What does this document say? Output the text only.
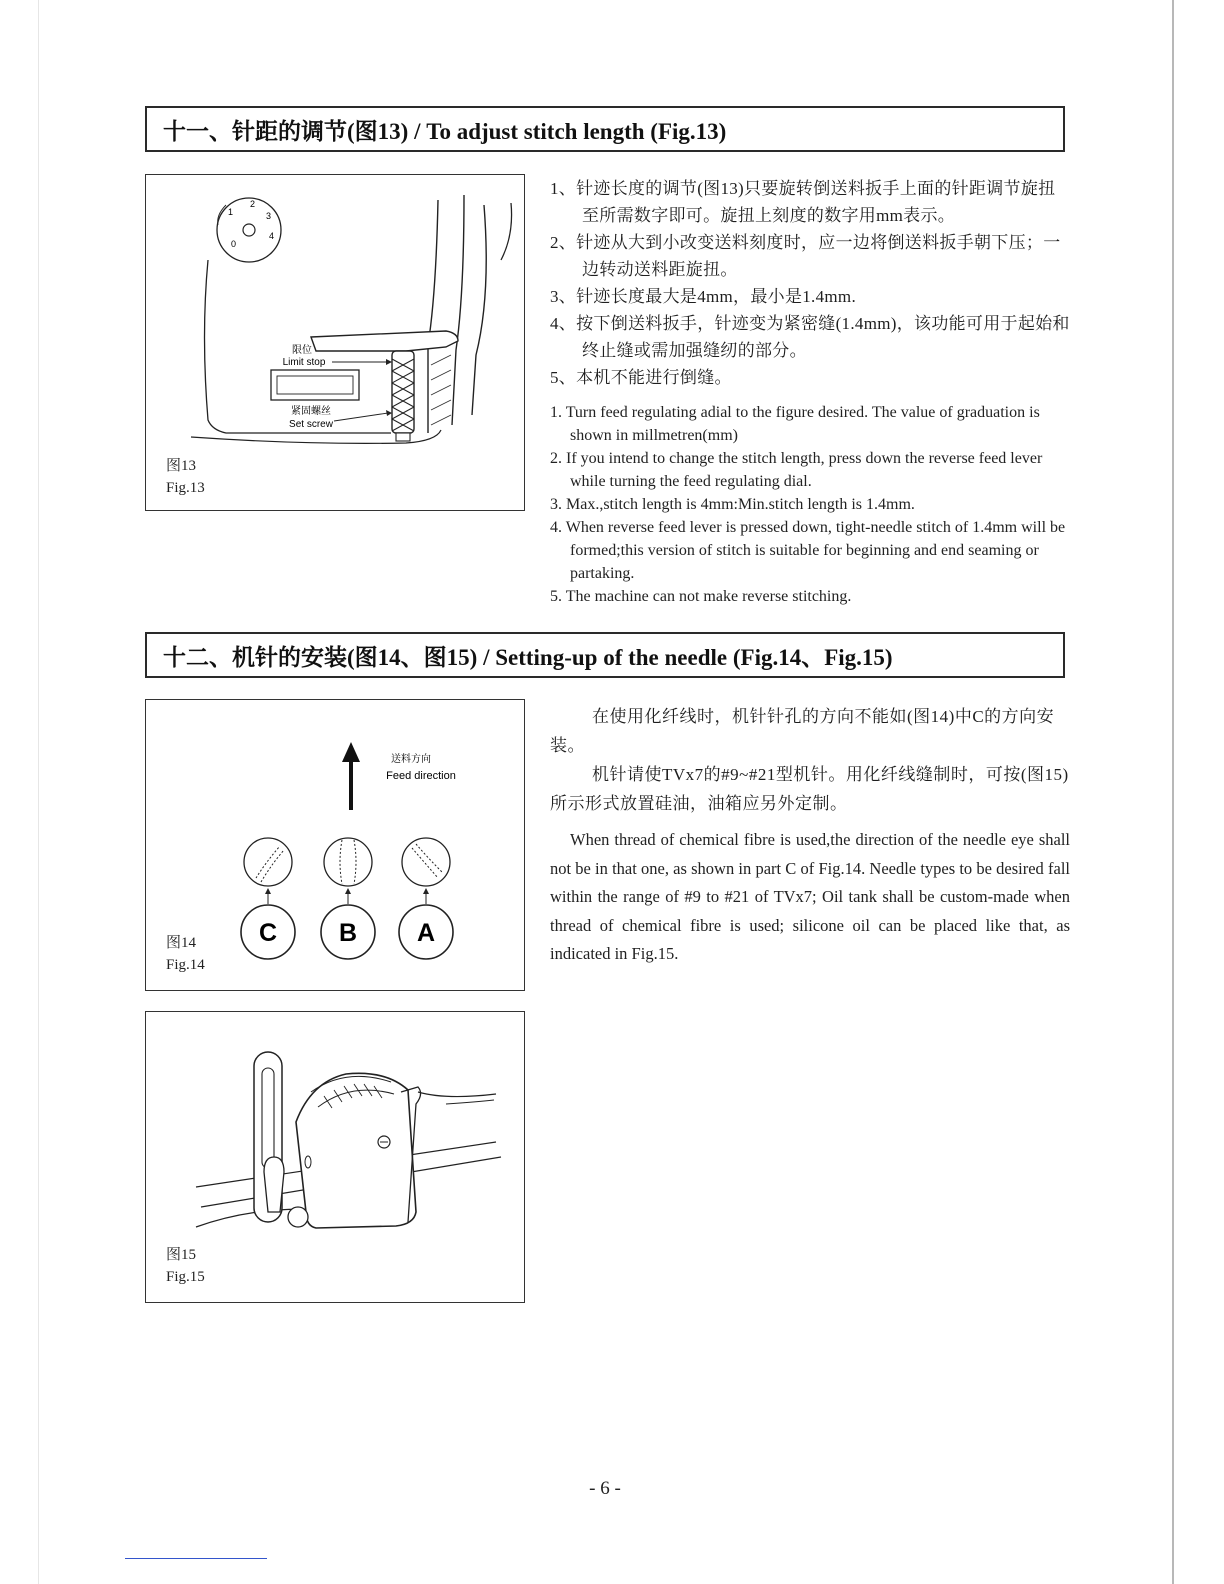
十一、针距的调节(图13) / To adjust stitch length (Fig.13)
0
1
2
3
4
限位
Limit stop
紧固螺丝
Set screw
图13
Fig.13
1、针迹长度的调节(图13)只要旋转倒送料扳手上面的针距调节旋扭至所需数字即可。旋扭上刻度的数字用mm表示。
2、针迹从大到小改变送料刻度时，应一边将倒送料扳手朝下压；一边转动送料距旋扭。
3、针迹长度最大是4mm，最小是1.4mm.
4、按下倒送料扳手，针迹变为紧密缝(1.4mm)，该功能可用于起始和终止缝或需加强缝纫的部分。
5、本机不能进行倒缝。
1. Turn feed regulating adial to the figure desired. The value of graduation is shown in millmetren(mm)
2. If you intend to change the stitch length, press down the reverse feed lever while turning the feed regulating dial.
3. Max.,stitch length is 4mm:Min.stitch length is 1.4mm.
4. When reverse feed lever is pressed down, tight-needle stitch of 1.4mm will be formed;this version of stitch is suitable for beginning and end seaming or partaking.
5. The machine can not make reverse stitching.
十二、机针的安装(图14、图15) / Setting-up of the needle (Fig.14、Fig.15)
送料方向
Feed direction
C B A
图14
Fig.14
图15
Fig.15

在使用化纤线时，机针针孔的方向不能如(图14)中C的方向安装。

机针请使TVx7的#9~#21型机针。用化纤线缝制时，可按(图15)所示形式放置硅油，油箱应另外定制。

When thread of chemical fibre is used,the direction of the needle eye shall not be in that one, as shown in part C of Fig.14. Needle types to be desired fall within the range of #9 to #21 of TVx7; Oil tank shall be custom-made when thread of chemical fibre is used; silicone oil can be placed like that, as indicated in Fig.15.

- 6 -
